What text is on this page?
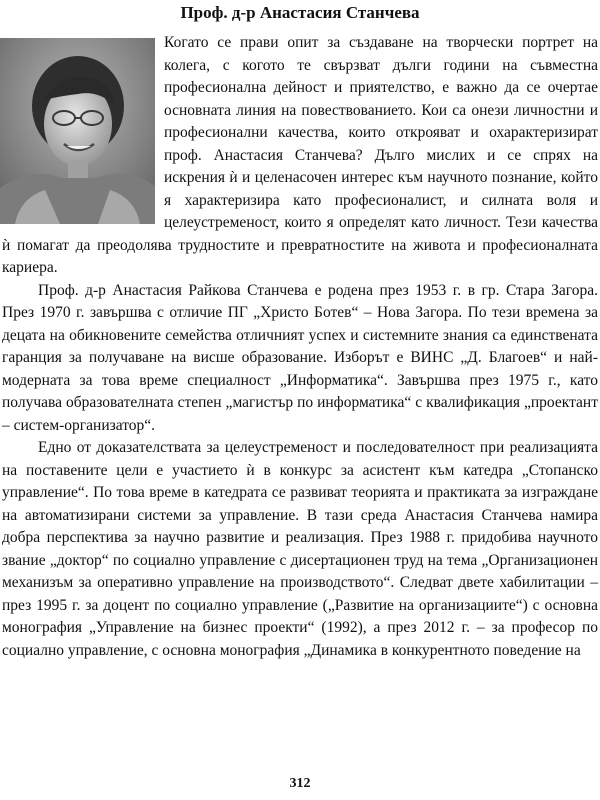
Проф. д-р Анастасия Станчева

Когато се прави опит за създаване на творчески портрет на колега, с когото те свързват дълги години на съвместна професионална дейност и приятелство, е важно да се очертае основната линия на повествованието. Кои са онези личностни и професионални качества, които открояват и охарактеризират проф. Анастасия Станчева? Дълго мислих и се спрях на искрения ѝ и целенасочен интерес към научното познание, който я характеризира като професионалист, и силната воля и целеустременост, които я определят като личност. Тези качества ѝ помагат да преодолява трудностите и превратностите на живота и професионалната кариера.

Проф. д-р Анастасия Райкова Станчева е родена през 1953 г. в гр. Стара Загора. През 1970 г. завършва с отличие ПГ „Христо Ботев“ – Нова Загора. По тези времена за децата на обикновените семейства отличният успех и системните знания са единствената гаранция за получаване на висше образование. Изборът е ВИНС „Д. Благоев“ и най-модерната за това време специалност „Информатика“. Завършва през 1975 г., като получава образователната степен „магистър по информатика“ с квалификация „проектант – систем-организатор“.

Едно от доказателствата за целеустременост и последователност при реализацията на поставените цели е участието ѝ в конкурс за асистент към катедра „Стопанско управление“. По това време в катедрата се развиват теорията и практиката за изграждане на автоматизирани системи за управление. В тази среда Анастасия Станчева намира добра перспектива за научно развитие и реализация. През 1988 г. придобива научното звание „доктор“ по социално управление с дисертационен труд на тема „Организационен механизъм за оперативно управление на производството“. Следват двете хабилитации – през 1995 г. за доцент по социално управление („Развитие на организациите“) с основна монография „Управление на бизнес проекти“ (1992), а през 2012 г. – за професор по социално управление, с основна монография „Динамика в конкурентното поведение на

312
